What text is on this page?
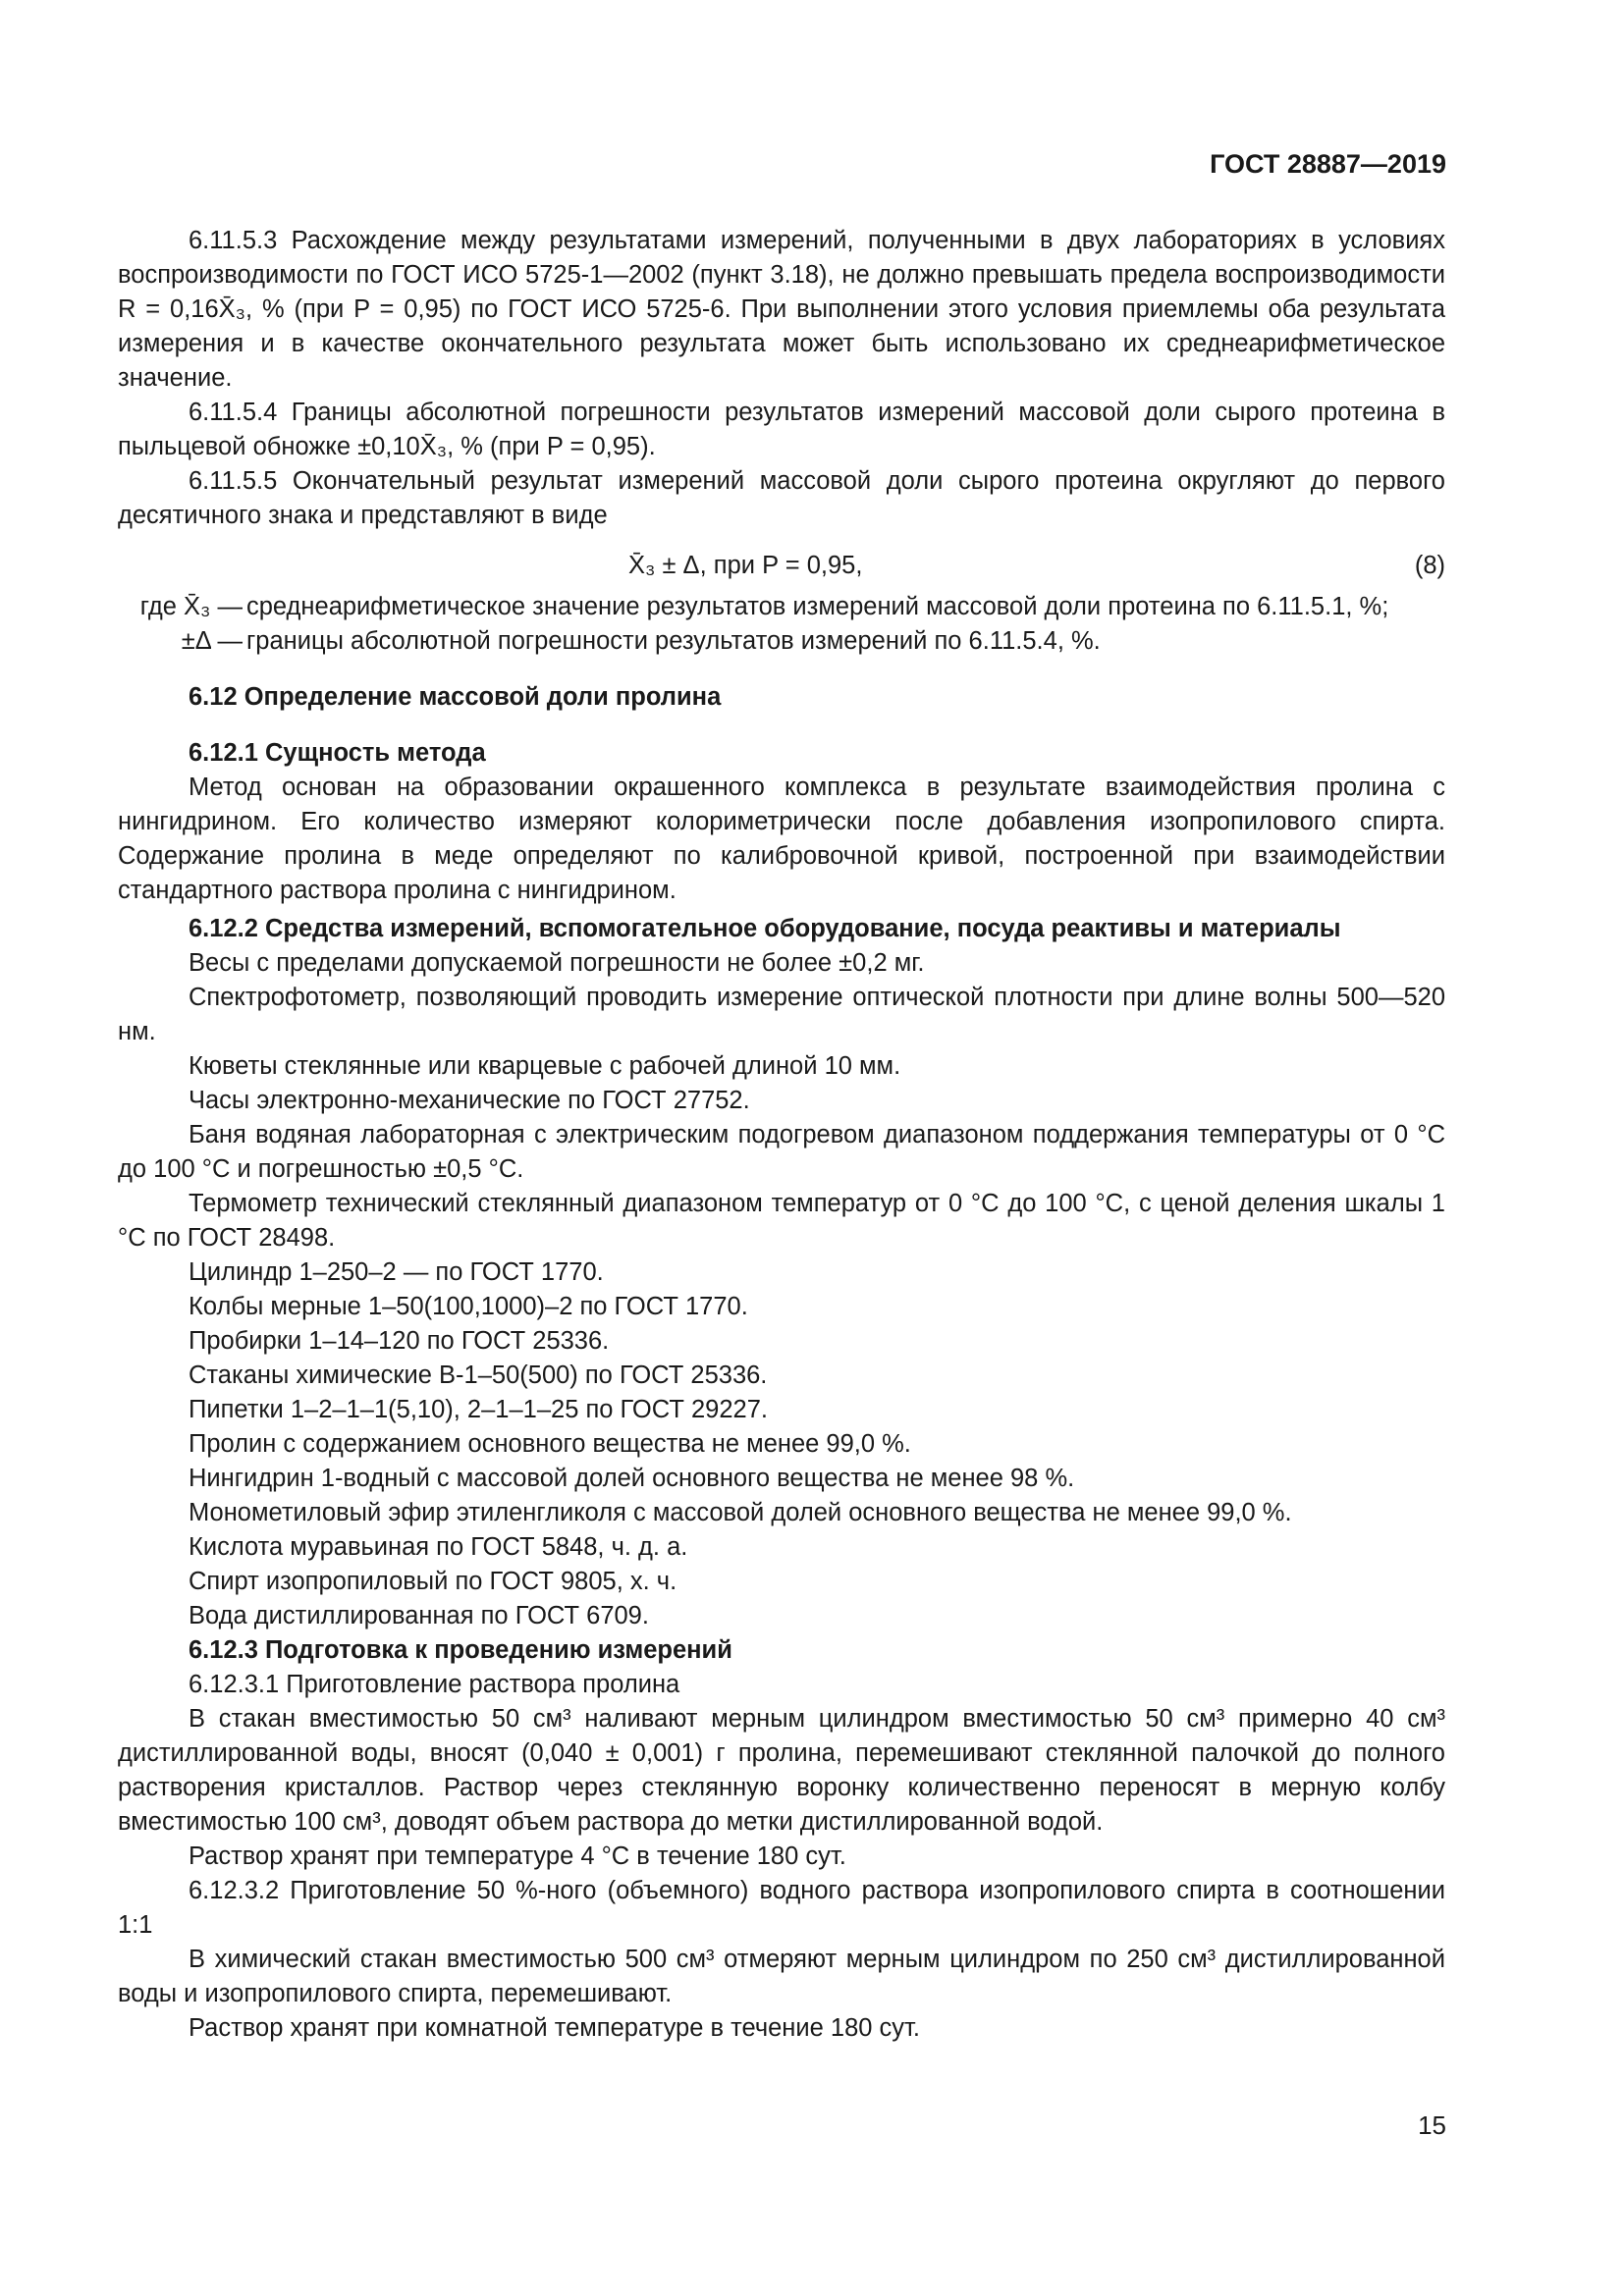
ГОСТ 28887—2019

6.11.5.3 Расхождение между результатами измерений, полученными в двух лабораториях в условиях воспроизводимости по ГОСТ ИСО 5725-1—2002 (пункт 3.18), не должно превышать предела воспроизводимости R = 0,16X̄₃, % (при P = 0,95) по ГОСТ ИСО 5725-6. При выполнении этого условия приемлемы оба результата измерения и в качестве окончательного результата может быть использовано их среднеарифметическое значение.

6.11.5.4 Границы абсолютной погрешности результатов измерений массовой доли сырого протеина в пыльцевой обножке ±0,10X̄₃, % (при P = 0,95).

6.11.5.5 Окончательный результат измерений массовой доли сырого протеина округляют до первого десятичного знака и представляют в виде

X̄₃ ± Δ, при P = 0,95,	(8)
где X̄₃ — среднеарифметическое значение результатов измерений массовой доли протеина по 6.11.5.1, %;
±Δ — границы абсолютной погрешности результатов измерений по 6.11.5.4, %.

6.12 Определение массовой доли пролина

6.12.1 Сущность метода

Метод основан на образовании окрашенного комплекса в результате взаимодействия пролина с нингидрином. Его количество измеряют колориметрически после добавления изопропилового спирта. Содержание пролина в меде определяют по калибровочной кривой, построенной при взаимодействии стандартного раствора пролина с нингидрином.

6.12.2 Средства измерений, вспомогательное оборудование, посуда реактивы и материалы

Весы с пределами допускаемой погрешности не более ±0,2 мг.

Спектрофотометр, позволяющий проводить измерение оптической плотности при длине волны 500—520 нм.

Кюветы стеклянные или кварцевые с рабочей длиной 10 мм.

Часы электронно-механические по ГОСТ 27752.

Баня водяная лабораторная с электрическим подогревом диапазоном поддержания температуры от 0 °C до 100 °C и погрешностью ±0,5 °C.

Термометр технический стеклянный диапазоном температур от 0 °C до 100 °C, с ценой деления шкалы 1 °C по ГОСТ 28498.

Цилиндр 1–250–2 — по ГОСТ 1770.

Колбы мерные 1–50(100,1000)–2 по ГОСТ 1770.

Пробирки 1–14–120 по ГОСТ 25336.

Стаканы химические В-1–50(500) по ГОСТ 25336.

Пипетки 1–2–1–1(5,10), 2–1–1–25 по ГОСТ 29227.

Пролин с содержанием основного вещества не менее 99,0 %.

Нингидрин 1-водный с массовой долей основного вещества не менее 98 %.

Монометиловый эфир этиленгликоля с массовой долей основного вещества не менее 99,0 %.

Кислота муравьиная по ГОСТ 5848, ч. д. а.

Спирт изопропиловый по ГОСТ 9805, х. ч.

Вода дистиллированная по ГОСТ 6709.

6.12.3 Подготовка к проведению измерений

6.12.3.1 Приготовление раствора пролина

В стакан вместимостью 50 см³ наливают мерным цилиндром вместимостью 50 см³ примерно 40 см³ дистиллированной воды, вносят (0,040 ± 0,001) г пролина, перемешивают стеклянной палочкой до полного растворения кристаллов. Раствор через стеклянную воронку количественно переносят в мерную колбу вместимостью 100 см³, доводят объем раствора до метки дистиллированной водой.

Раствор хранят при температуре 4 °C в течение 180 сут.

6.12.3.2 Приготовление 50 %-ного (объемного) водного раствора изопропилового спирта в соотношении 1:1

В химический стакан вместимостью 500 см³ отмеряют мерным цилиндром по 250 см³ дистиллированной воды и изопропилового спирта, перемешивают.

Раствор хранят при комнатной температуре в течение 180 сут.

15
